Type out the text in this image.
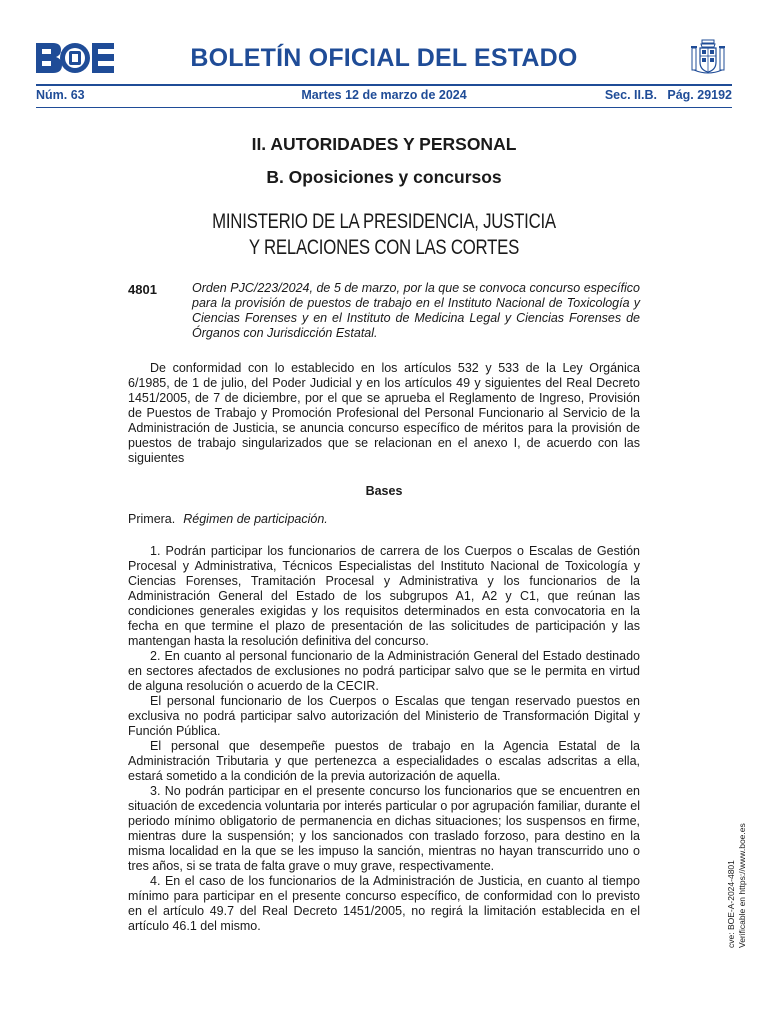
BOLETÍN OFICIAL DEL ESTADO
Núm. 63	Martes 12 de marzo de 2024	Sec. II.B.   Pág. 29192
II. AUTORIDADES Y PERSONAL
B. Oposiciones y concursos
MINISTERIO DE LA PRESIDENCIA, JUSTICIA
Y RELACIONES CON LAS CORTES
4801	Orden PJC/223/2024, de 5 de marzo, por la que se convoca concurso específico para la provisión de puestos de trabajo en el Instituto Nacional de Toxicología y Ciencias Forenses y en el Instituto de Medicina Legal y Ciencias Forenses de Órganos con Jurisdicción Estatal.

De conformidad con lo establecido en los artículos 532 y 533 de la Ley Orgánica 6/1985, de 1 de julio, del Poder Judicial y en los artículos 49 y siguientes del Real Decreto 1451/2005, de 7 de diciembre, por el que se aprueba el Reglamento de Ingreso, Provisión de Puestos de Trabajo y Promoción Profesional del Personal Funcionario al Servicio de la Administración de Justicia, se anuncia concurso específico de méritos para la provisión de puestos de trabajo singularizados que se relacionan en el anexo I, de acuerdo con las siguientes

Bases

Primera. Régimen de participación.

1. Podrán participar los funcionarios de carrera de los Cuerpos o Escalas de Gestión Procesal y Administrativa, Técnicos Especialistas del Instituto Nacional de Toxicología y Ciencias Forenses, Tramitación Procesal y Administrativa y los funcionarios de la Administración General del Estado de los subgrupos A1, A2 y C1, que reúnan las condiciones generales exigidas y los requisitos determinados en esta convocatoria en la fecha en que termine el plazo de presentación de las solicitudes de participación y las mantengan hasta la resolución definitiva del concurso.

2. En cuanto al personal funcionario de la Administración General del Estado destinado en sectores afectados de exclusiones no podrá participar salvo que se le permita en virtud de alguna resolución o acuerdo de la CECIR.

El personal funcionario de los Cuerpos o Escalas que tengan reservado puestos en exclusiva no podrá participar salvo autorización del Ministerio de Transformación Digital y Función Pública.

El personal que desempeñe puestos de trabajo en la Agencia Estatal de la Administración Tributaria y que pertenezca a especialidades o escalas adscritas a ella, estará sometido a la condición de la previa autorización de aquella.

3. No podrán participar en el presente concurso los funcionarios que se encuentren en situación de excedencia voluntaria por interés particular o por agrupación familiar, durante el periodo mínimo obligatorio de permanencia en dichas situaciones; los suspensos en firme, mientras dure la suspensión; y los sancionados con traslado forzoso, para destino en la misma localidad en la que se les impuso la sanción, mientras no hayan transcurrido uno o tres años, si se trata de falta grave o muy grave, respectivamente.

4. En el caso de los funcionarios de la Administración de Justicia, en cuanto al tiempo mínimo para participar en el presente concurso específico, de conformidad con lo previsto en el artículo 49.7 del Real Decreto 1451/2005, no regirá la limitación establecida en el artículo 46.1 del mismo.	cve: BOE-A-2024-4801 Verificable en https://www.boe.es
